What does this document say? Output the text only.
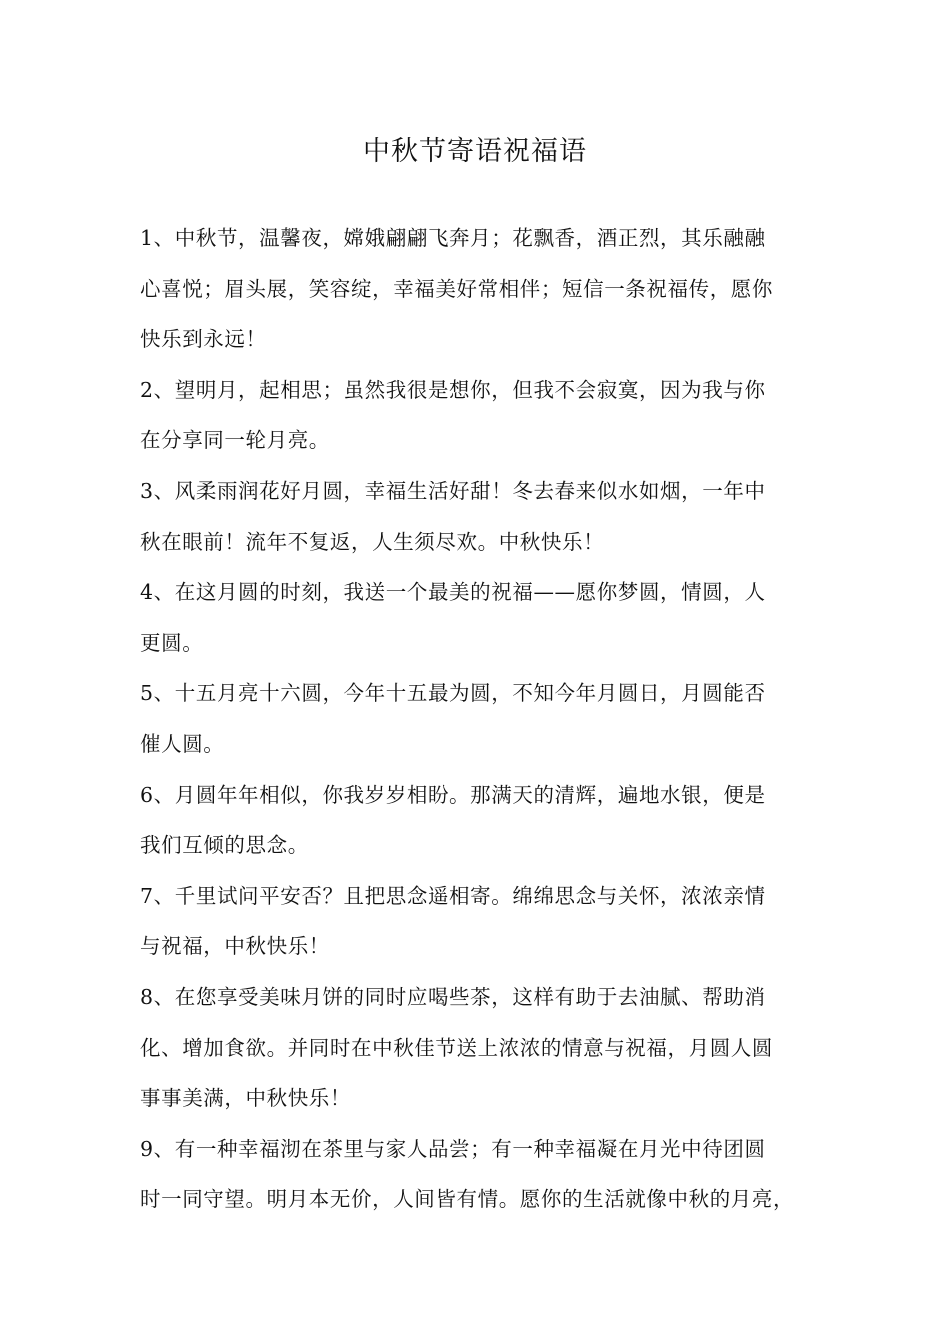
中秋节寄语祝福语

1、中秋节，温馨夜，嫦娥翩翩飞奔月；花飘香，酒正烈，其乐融融
心喜悦；眉头展，笑容绽，幸福美好常相伴；短信一条祝福传，愿你
快乐到永远！

2、望明月，起相思；虽然我很是想你，但我不会寂寞，因为我与你
在分享同一轮月亮。

3、风柔雨润花好月圆，幸福生活好甜！冬去春来似水如烟，一年中
秋在眼前！流年不复返，人生须尽欢。中秋快乐！

4、在这月圆的时刻，我送一个最美的祝福——愿你梦圆，情圆，人
更圆。

5、十五月亮十六圆，今年十五最为圆，不知今年月圆日，月圆能否
催人圆。

6、月圆年年相似，你我岁岁相盼。那满天的清辉，遍地水银，便是
我们互倾的思念。

7、千里试问平安否？且把思念遥相寄。绵绵思念与关怀，浓浓亲情
与祝福，中秋快乐！

8、在您享受美味月饼的同时应喝些茶，这样有助于去油腻、帮助消
化、增加食欲。并同时在中秋佳节送上浓浓的情意与祝福，月圆人圆
事事美满，中秋快乐！

9、有一种幸福沏在茶里与家人品尝；有一种幸福凝在月光中待团圆
时一同守望。明月本无价，人间皆有情。愿你的生活就像中秋的月亮，
